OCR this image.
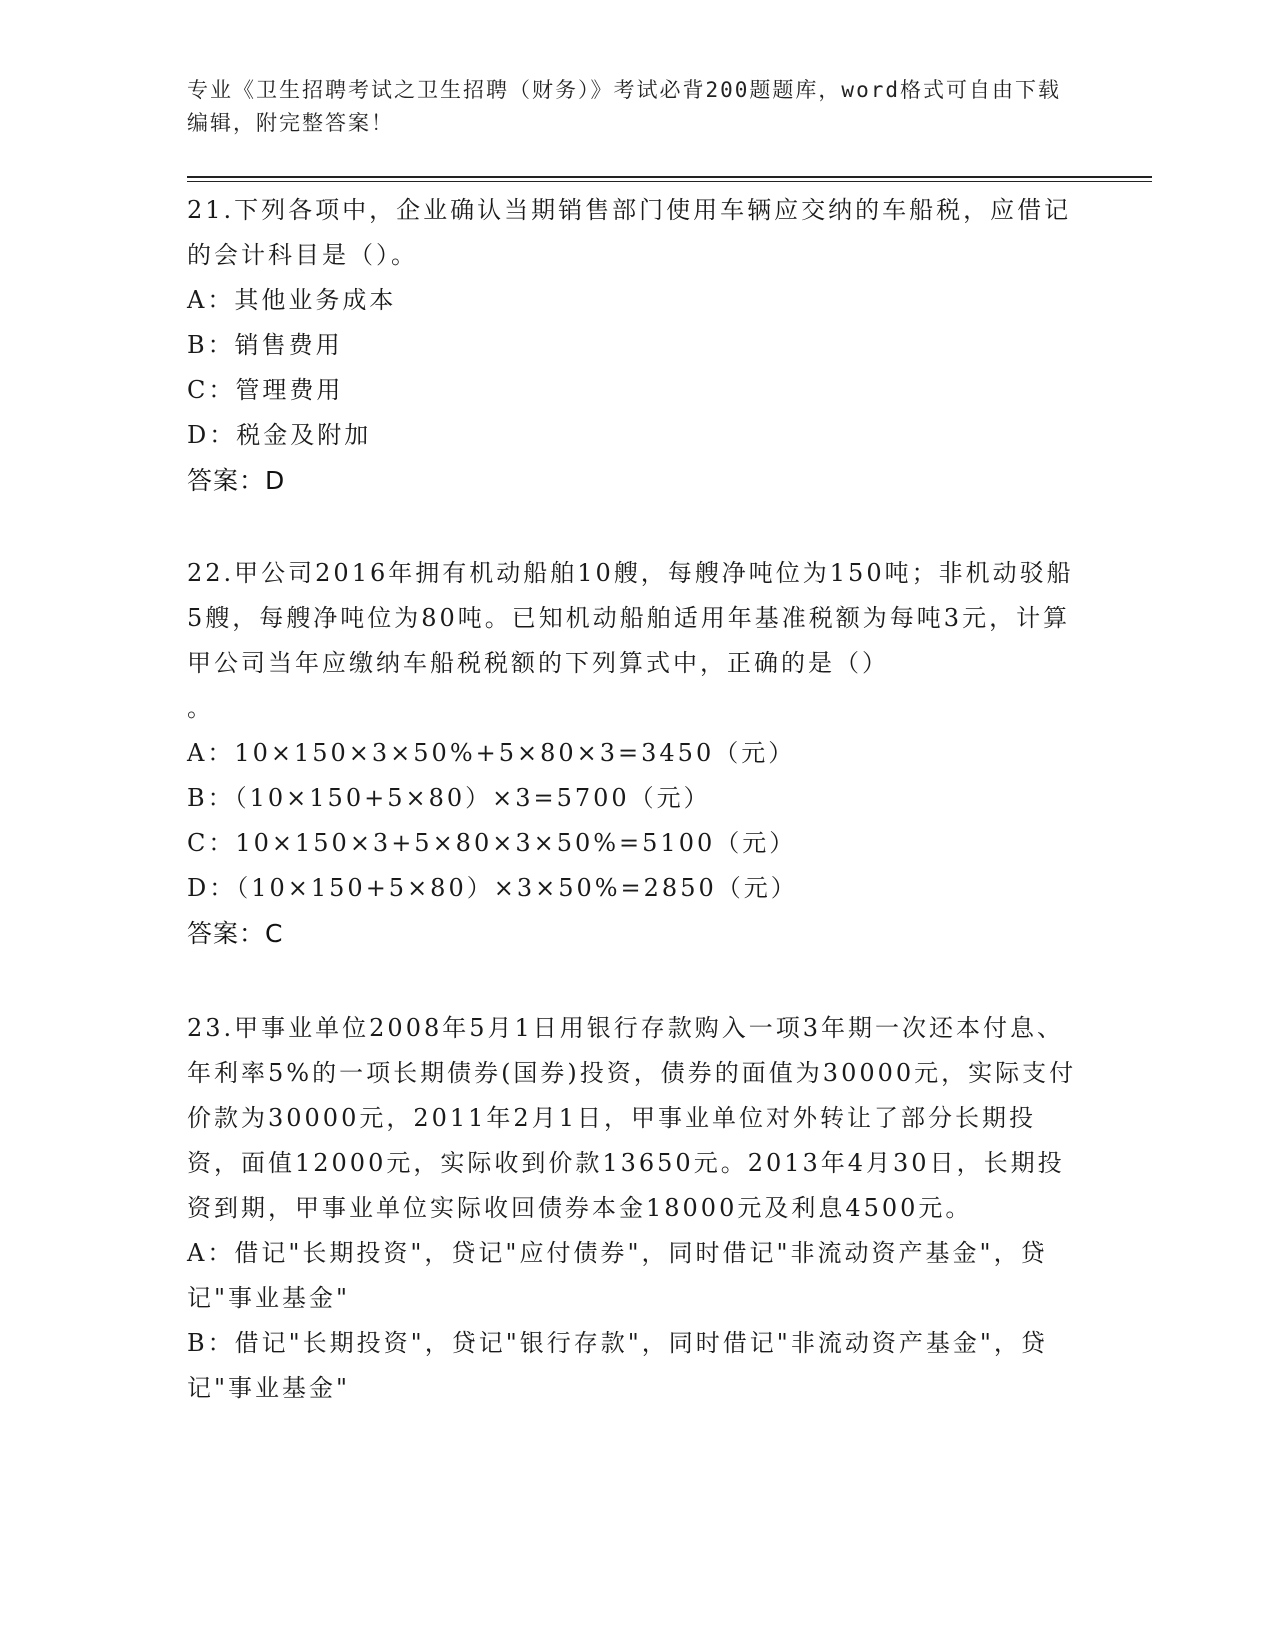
专业《卫生招聘考试之卫生招聘（财务）》考试必背200题题库，word格式可自由下载编辑，附完整答案！
21.下列各项中，企业确认当期销售部门使用车辆应交纳的车船税，应借记的会计科目是（）。
A：其他业务成本
B：销售费用
C：管理费用
D：税金及附加
答案：D
22.甲公司2016年拥有机动船舶10艘，每艘净吨位为150吨；非机动驳船5艘，每艘净吨位为80吨。已知机动船舶适用年基准税额为每吨3元，计算甲公司当年应缴纳车船税税额的下列算式中，正确的是（）
。
A：10×150×3×50%+5×80×3=3450（元）
B：（10×150+5×80）×3=5700（元）
C：10×150×3+5×80×3×50%=5100（元）
D：（10×150+5×80）×3×50%=2850（元）
答案：C
23.甲事业单位2008年5月1日用银行存款购入一项3年期一次还本付息、年利率5%的一项长期债券(国券)投资，债券的面值为30000元，实际支付价款为30000元，2011年2月1日，甲事业单位对外转让了部分长期投资，面值12000元，实际收到价款13650元。2013年4月30日，长期投资到期，甲事业单位实际收回债券本金18000元及利息4500元。
A：借记"长期投资"，贷记"应付债券"，同时借记"非流动资产基金"，贷记"事业基金"
B：借记"长期投资"，贷记"银行存款"，同时借记"非流动资产基金"，贷记"事业基金"
